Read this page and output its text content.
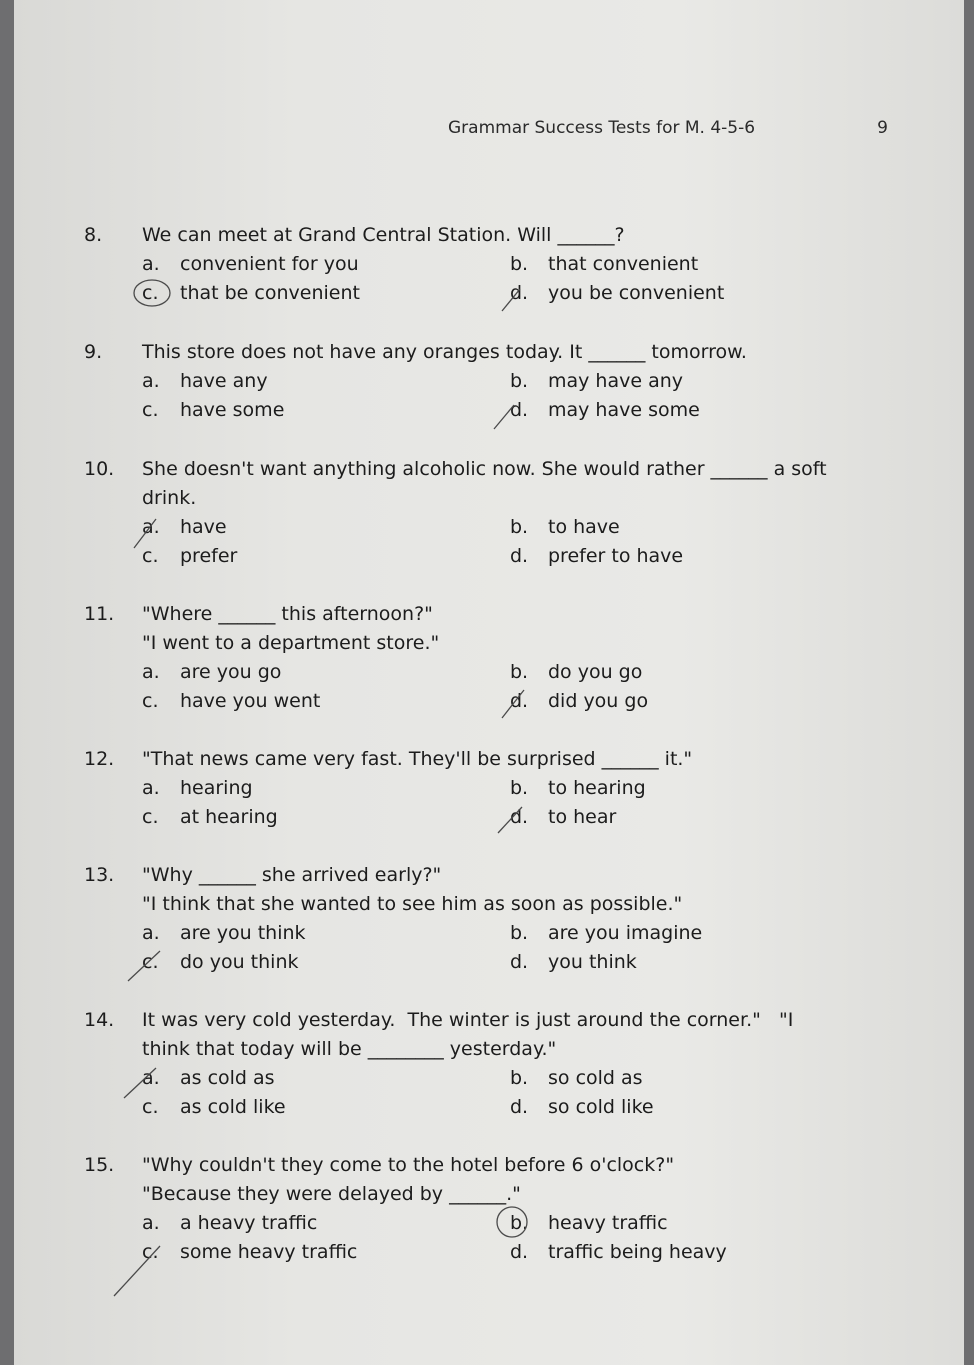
Grammar Success Tests for M. 4-5-6	9
8.	We can meet at Grand Central Station. Will ______?
a. convenient for you	b. that convenient
c. that be convenient	d. you be convenient
9.	This store does not have any oranges today. It ______ tomorrow.
a. have any	b. may have any
c. have some	d. may have some
10.	She doesn't want anything alcoholic now. She would rather ______ a soft
drink.
a. have	b. to have
c. prefer	d. prefer to have
11.	"Where ______ this afternoon?"
"I went to a department store."
a. are you go	b. do you go
c. have you went	d. did you go
12.	"That news came very fast. They'll be surprised ______ it."
a. hearing	b. to hearing
c. at hearing	d. to hear
13.	"Why ______ she arrived early?"
"I think that she wanted to see him as soon as possible."
a. are you think	b. are you imagine
c. do you think	d. you think
14.	It was very cold yesterday.  The winter is just around the corner."   "I
think that today will be ________ yesterday."
a. as cold as	b. so cold as
c. as cold like	d. so cold like
15.	"Why couldn't they come to the hotel before 6 o'clock?"
"Because they were delayed by ______."
a. a heavy traffic	b. heavy traffic
c. some heavy traffic	d. traffic being heavy
